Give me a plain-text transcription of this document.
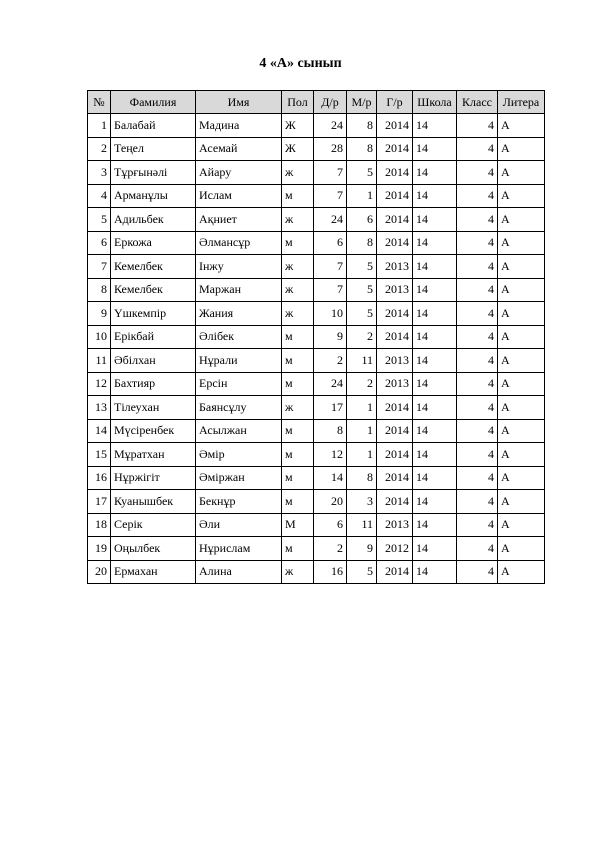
4 «А» сынып
№	Фамилия	Имя	Пол	Д/р	М/р	Г/р	Школа	Класс	Литера
1	Балабай	Мадина	Ж	24	8	2014	14	4	А
2	Теңел	Асемай	Ж	28	8	2014	14	4	А
3	Тұрғынәлі	Айару	ж	7	5	2014	14	4	А
4	Арманұлы	Ислам	м	7	1	2014	14	4	А
5	Адильбек	Ақниет	ж	24	6	2014	14	4	А
6	Еркожа	Әлмансұр	м	6	8	2014	14	4	А
7	Кемелбек	Інжу	ж	7	5	2013	14	4	А
8	Кемелбек	Маржан	ж	7	5	2013	14	4	А
9	Үшкемпір	Жания	ж	10	5	2014	14	4	А
10	Ерікбай	Әлібек	м	9	2	2014	14	4	А
11	Әбілхан	Нұрали	м	2	11	2013	14	4	А
12	Бахтияр	Ерсін	м	24	2	2013	14	4	А
13	Тілеухан	Баянсұлу	ж	17	1	2014	14	4	А
14	Мүсіренбек	Асылжан	м	8	1	2014	14	4	А
15	Мұратхан	Әмір	м	12	1	2014	14	4	А
16	Нұржігіт	Әміржан	м	14	8	2014	14	4	А
17	Куанышбек	Бекнұр	м	20	3	2014	14	4	А
18	Серік	Әли	М	6	11	2013	14	4	А
19	Оңылбек	Нұрислам	м	2	9	2012	14	4	А
20	Ермахан	Алина	ж	16	5	2014	14	4	А
